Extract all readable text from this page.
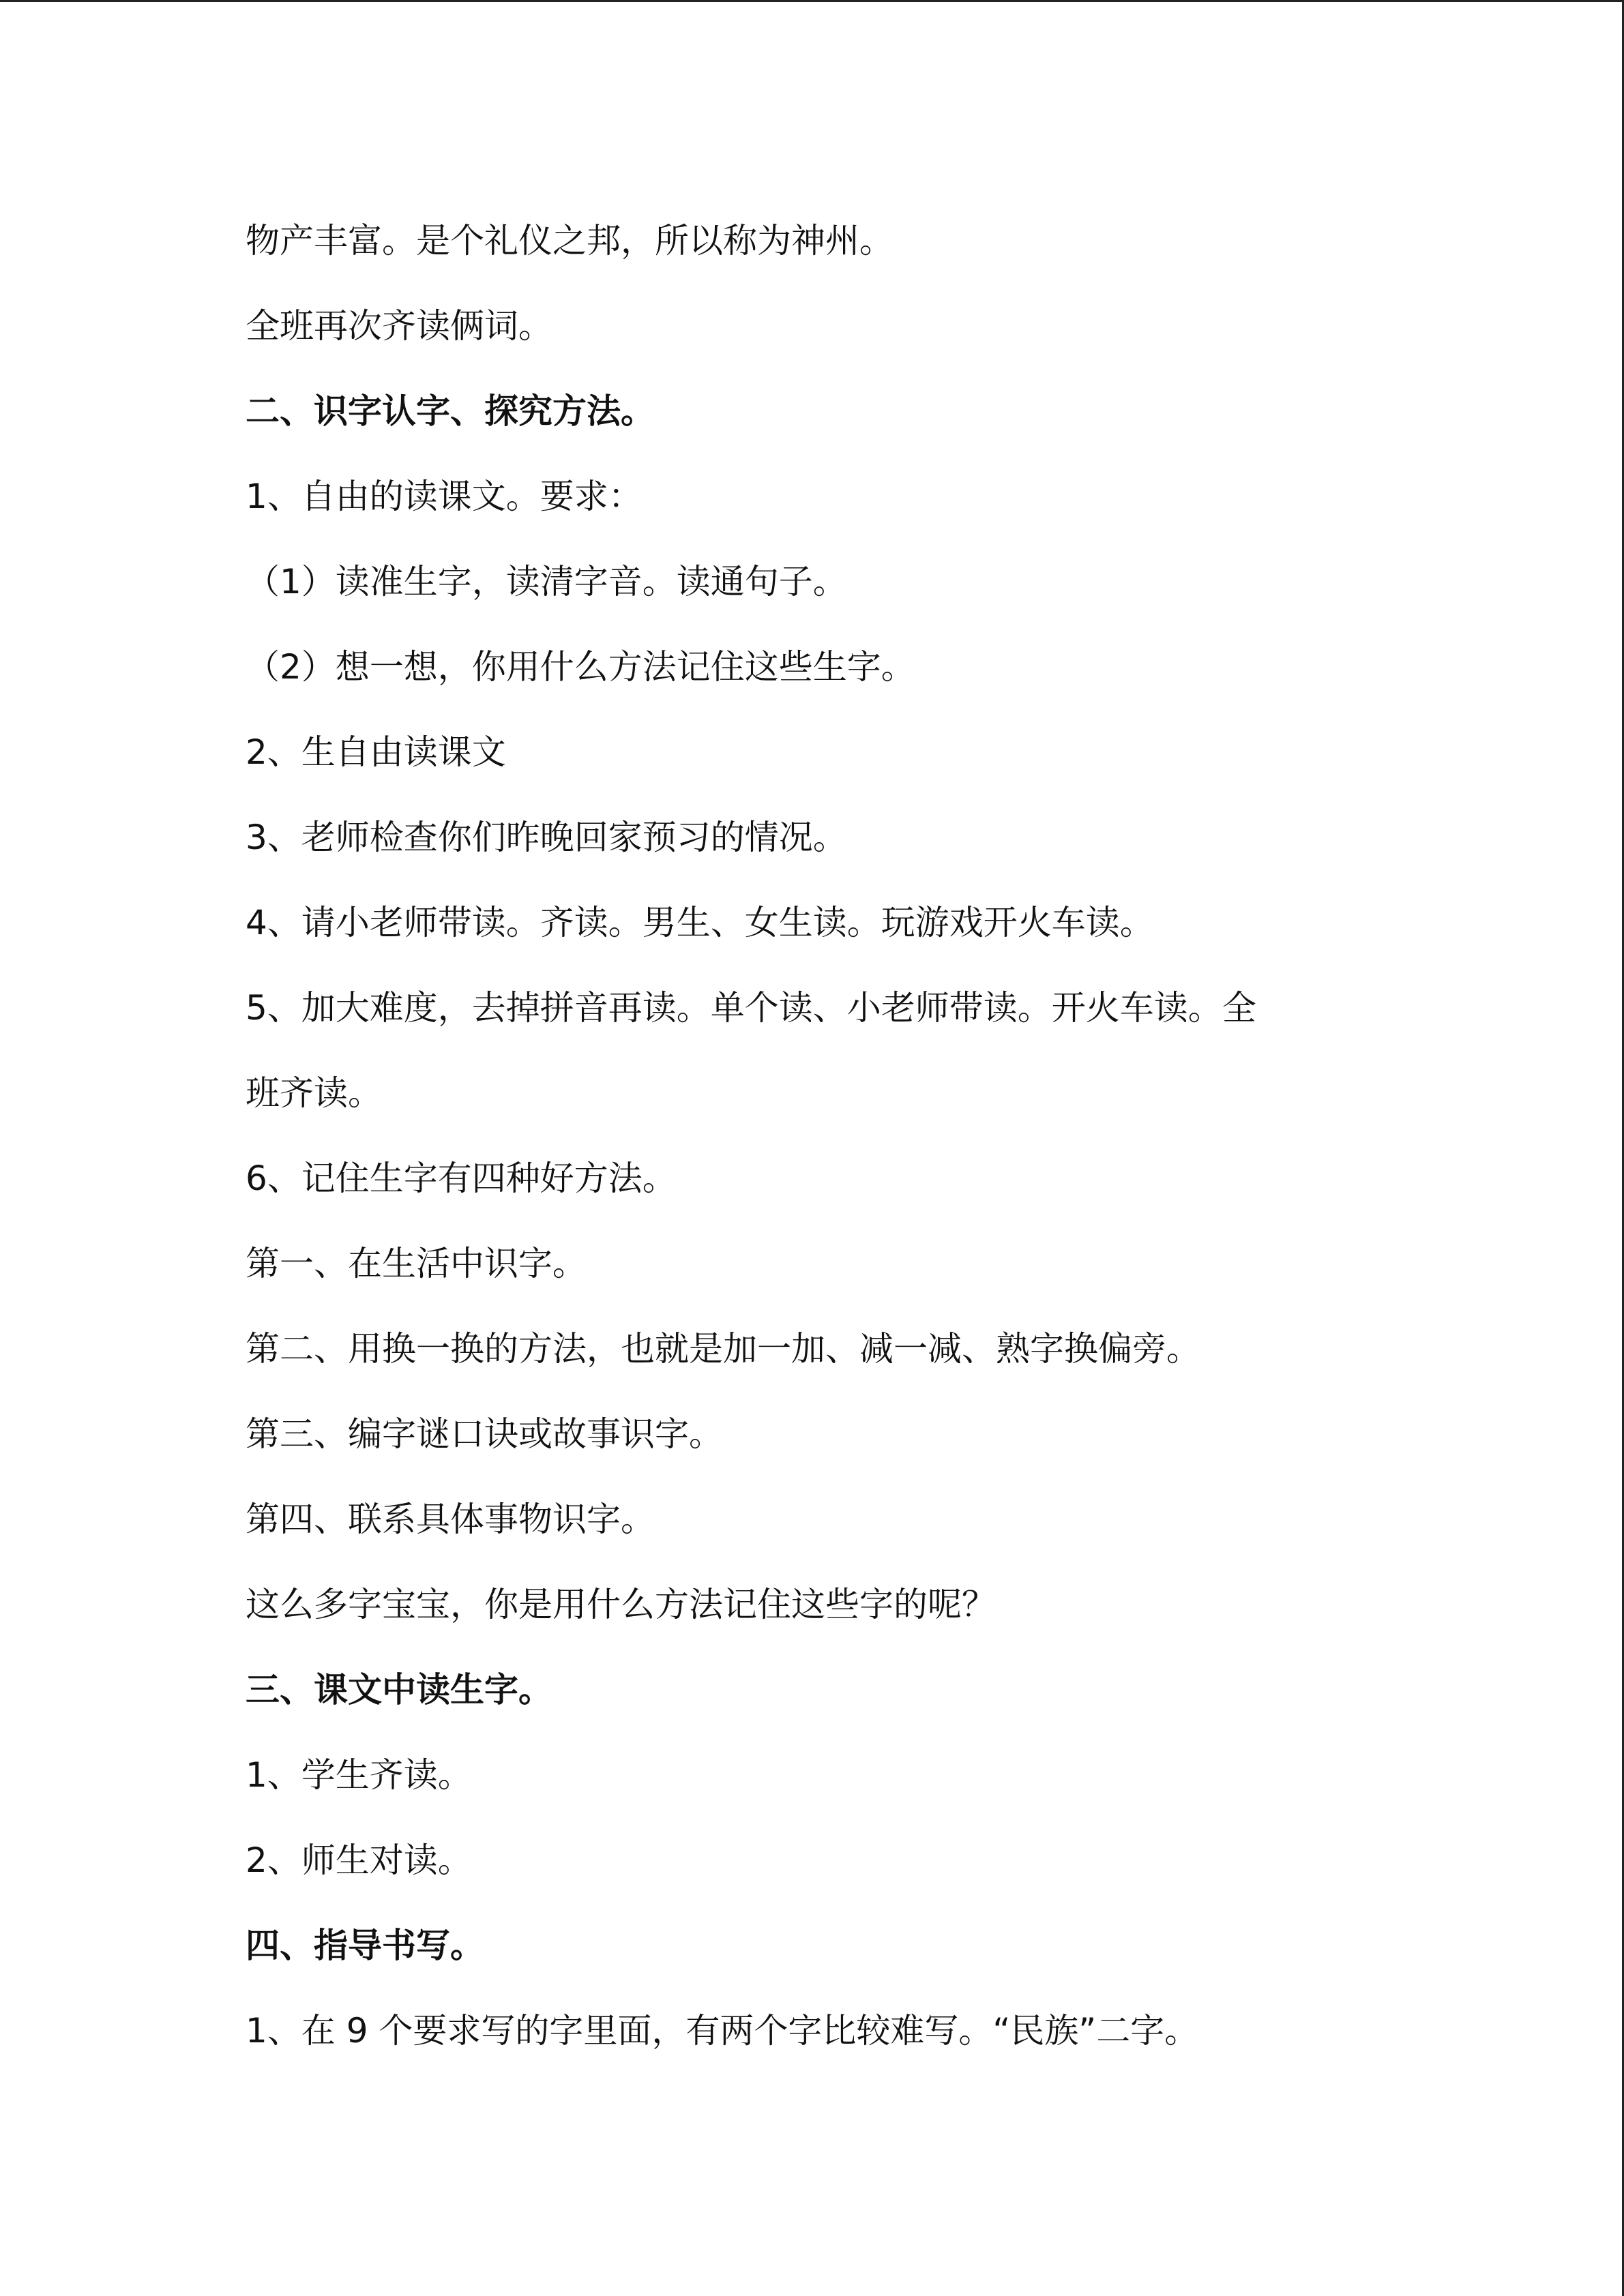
物产丰富。是个礼仪之邦，所以称为神州。

全班再次齐读俩词。

二、识字认字、探究方法。

1、自由的读课文。要求：

（1）读准生字，读清字音。读通句子。

（2）想一想，你用什么方法记住这些生字。

2、生自由读课文

3、老师检查你们昨晚回家预习的情况。

4、请小老师带读。齐读。男生、女生读。玩游戏开火车读。

5、加大难度，去掉拼音再读。单个读、小老师带读。开火车读。全

班齐读。

6、记住生字有四种好方法。

第一、在生活中识字。

第二、用换一换的方法，也就是加一加、减一减、熟字换偏旁。

第三、编字谜口诀或故事识字。

第四、联系具体事物识字。

这么多字宝宝，你是用什么方法记住这些字的呢？

三、课文中读生字。

1、学生齐读。

2、师生对读。

四、指导书写。

1、在 9 个要求写的字里面，有两个字比较难写。“民族”二字。
